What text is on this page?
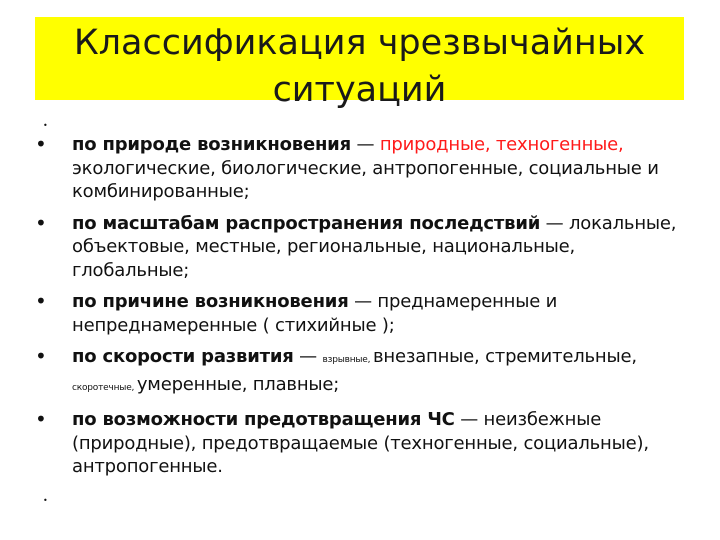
Классификация чрезвычайных ситуаций
•
• по природе возникновения — природные, техногенные, экологические, биологические, антропогенные, социальные и комбинированные;
• по масштабам распространения последствий — локальные, объектовые, местные, региональные, национальные, глобальные;
• по причине возникновения — преднамеренные и непреднамеренные ( стихийные );
• по скорости развития — взрывные, внезапные, стремительные, скоротечные, умеренные, плавные;
• по возможности предотвращения ЧС — неизбежные (природные), предотвращаемые (техногенные, социальные), антропогенные.
•
